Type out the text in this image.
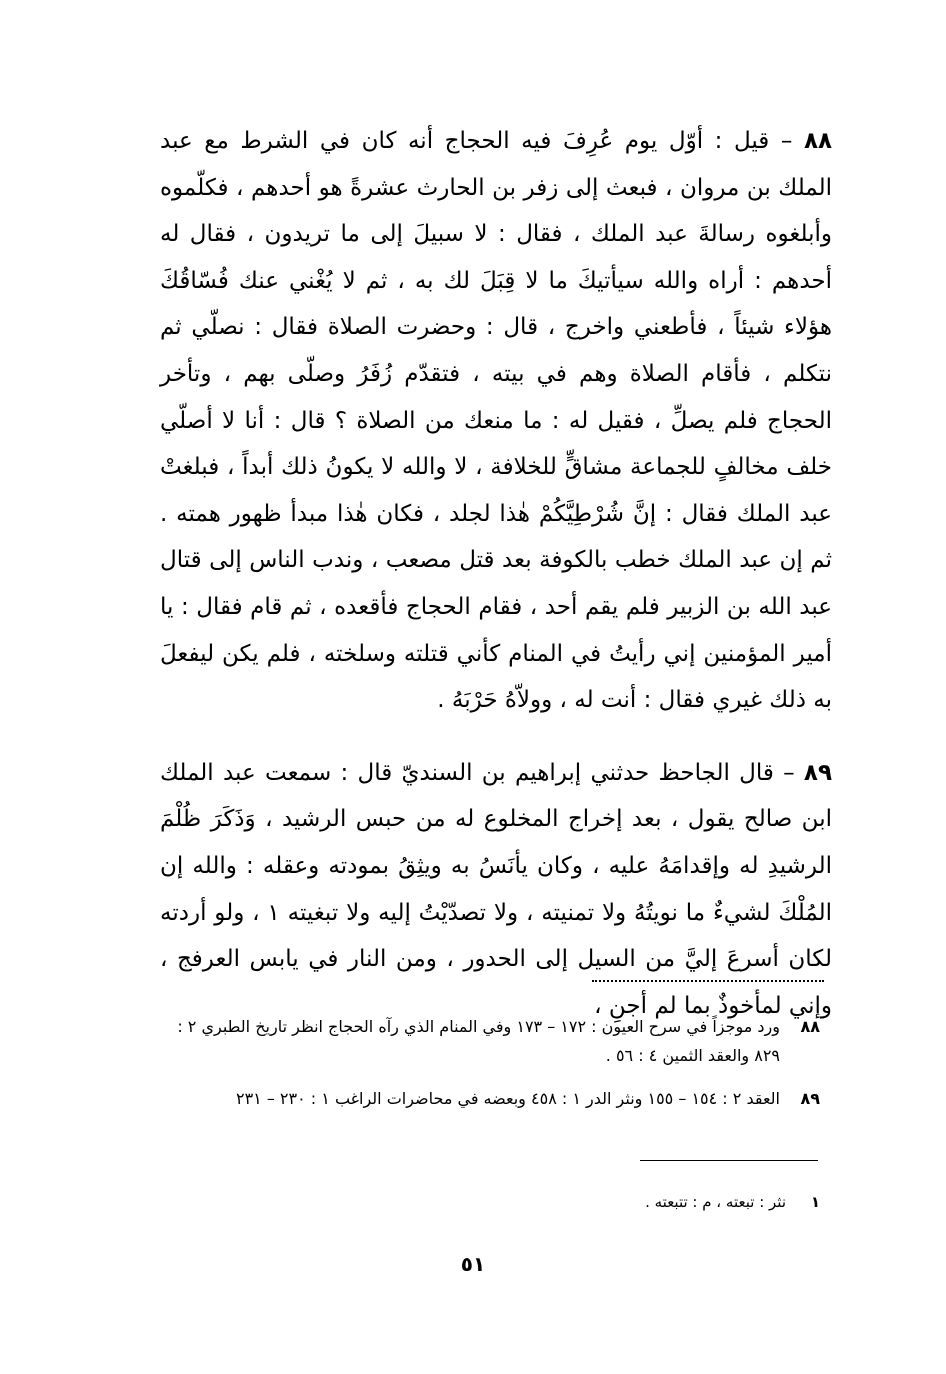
٨٨ – قيل : أوّل يوم عُرِفَ فيه الحجاج أنه كان في الشرط مع عبد الملك بن مروان ، فبعث إلى زفر بن الحارث عشرةً هو أحدهم ، فكلّموه وأبلغوه رسالةَ عبد الملك ، فقال : لا سبيلَ إلى ما تريدون ، فقال له أحدهم : أراه والله سيأتيكَ ما لا قِبَلَ لك به ، ثم لا يُغْني عنك فُسّاقُكَ هؤلاء شيئاً ، فأطعني واخرج ، قال : وحضرت الصلاة فقال : نصلّي ثم نتكلم ، فأقام الصلاة وهم في بيته ، فتقدّم زُفَرُ وصلّى بهم ، وتأخر الحجاج فلم يصلِّ ، فقيل له : ما منعك من الصلاة ؟ قال : أنا لا أصلّي خلف مخالفٍ للجماعة مشاقٍّ للخلافة ، لا والله لا يكونُ ذلك أبداً ، فبلغتْ عبد الملك فقال : إنَّ شُرْطِيَّكُمْ هٰذا لجلد ، فكان هٰذا مبدأ ظهور همته . ثم إن عبد الملك خطب بالكوفة بعد قتل مصعب ، وندب الناس إلى قتال عبد الله بن الزبير فلم يقم أحد ، فقام الحجاج فأقعده ، ثم قام فقال : يا أمير المؤمنين إني رأيتُ في المنام كأني قتلته وسلخته ، فلم يكن ليفعلَ به ذلك غيري فقال : أنت له ، وولاّهُ حَرْبَهُ .

٨٩ – قال الجاحظ حدثني إبراهيم بن السنديّ قال : سمعت عبد الملك ابن صالح يقول ، بعد إخراج المخلوع له من حبس الرشيد ، وَذَكَرَ ظُلْمَ الرشيدِ له وإقدامَهُ عليه ، وكان يأنَسُ به ويثِقُ بمودته وعقله : والله إن المُلْكَ لشيءٌ ما نويتُهُ ولا تمنيته ، ولا تصدّيْتُ إليه ولا تبغيته ١ ، ولو أردته لكان أسرعَ إليَّ من السيل إلى الحدور ، ومن النار في يابس العرفج ، وإني لمأخوذٌ بما لم أجنِ ،

٨٨
ورد موجزاً في سرح العيون : ١٧٢ – ١٧٣ وفي المنام الذي رآه الحجاج انظر تاريخ الطبري ٢ : ٨٢٩ والعقد الثمين ٤ : ٥٦ .

٨٩
العقد ٢ : ١٥٤ – ١٥٥ ونثر الدر ١ : ٤٥٨ وبعضه في محاضرات الراغب ١ : ٢٣٠ – ٢٣١

١نثر : تبعته ، م : تتبعته .
٥١
